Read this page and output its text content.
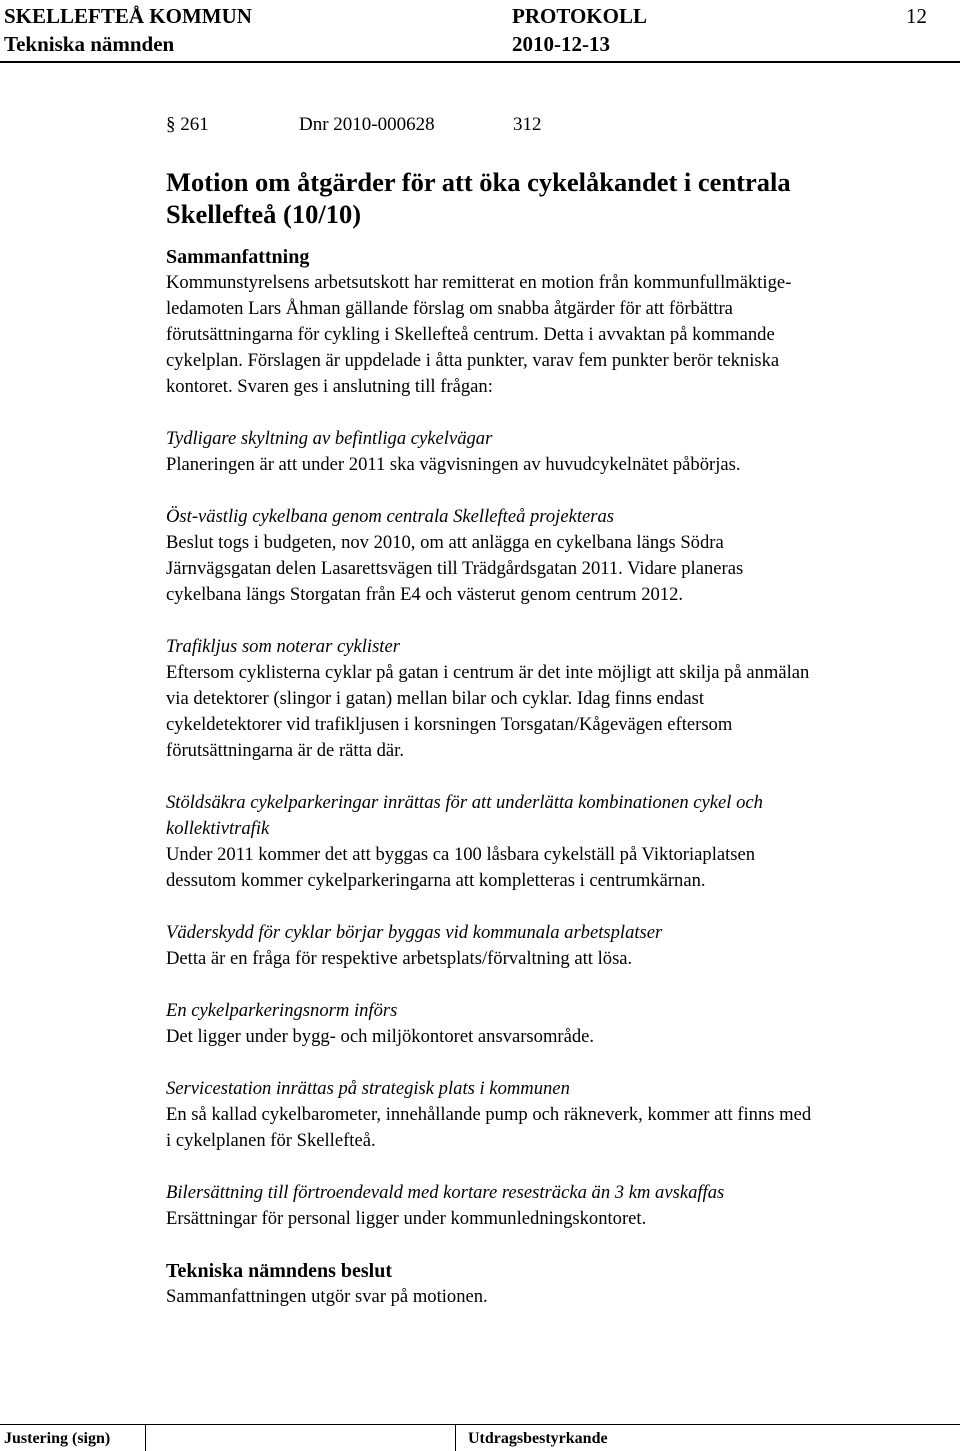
SKELLEFTEÅ KOMMUN	PROTOKOLL	12
Tekniska nämnden	2010-12-13
§ 261	Dnr 2010-000628	312
Motion om åtgärder för att öka cykelåkandet i centrala
Skellefteå (10/10)
Sammanfattning
Kommunstyrelsens arbetsutskott har remitterat en motion från kommunfullmäktige-
ledamoten Lars Åhman gällande förslag om snabba åtgärder för att förbättra
förutsättningarna för cykling i Skellefteå centrum. Detta i avvaktan på kommande
cykelplan. Förslagen är uppdelade i åtta punkter, varav fem punkter berör tekniska
kontoret. Svaren ges i anslutning till frågan:
Tydligare skyltning av befintliga cykelvägar
Planeringen är att under 2011 ska vägvisningen av huvudcykelnätet påbörjas.
Öst-västlig cykelbana genom centrala Skellefteå projekteras
Beslut togs i budgeten, nov 2010, om att anlägga en cykelbana längs Södra
Järnvägsgatan delen Lasarettsvägen till Trädgårdsgatan 2011. Vidare planeras
cykelbana längs Storgatan från E4 och västerut genom centrum 2012.
Trafikljus som noterar cyklister
Eftersom cyklisterna cyklar på gatan i centrum är det inte möjligt att skilja på anmälan
via detektorer (slingor i gatan) mellan bilar och cyklar. Idag finns endast
cykeldetektorer vid trafikljusen i korsningen Torsgatan/Kågevägen eftersom
förutsättningarna är de rätta där.
Stöldsäkra cykelparkeringar inrättas för att underlätta kombinationen cykel och
kollektivtrafik
Under 2011 kommer det att byggas ca 100 låsbara cykelställ på Viktoriaplatsen
dessutom kommer cykelparkeringarna att kompletteras i centrumkärnan.
Väderskydd för cyklar börjar byggas vid kommunala arbetsplatser
Detta är en fråga för respektive arbetsplats/förvaltning att lösa.
En cykelparkeringsnorm införs
Det ligger under bygg- och miljökontoret ansvarsområde.
Servicestation inrättas på strategisk plats i kommunen
En så kallad cykelbarometer, innehållande pump och räkneverk, kommer att finns med
i cykelplanen för Skellefteå.
Bilersättning till förtroendevald med kortare resesträcka än 3 km avskaffas
Ersättningar för personal ligger under kommunledningskontoret.
Tekniska nämndens beslut
Sammanfattningen utgör svar på motionen.
Justering (sign)	Utdragsbestyrkande
